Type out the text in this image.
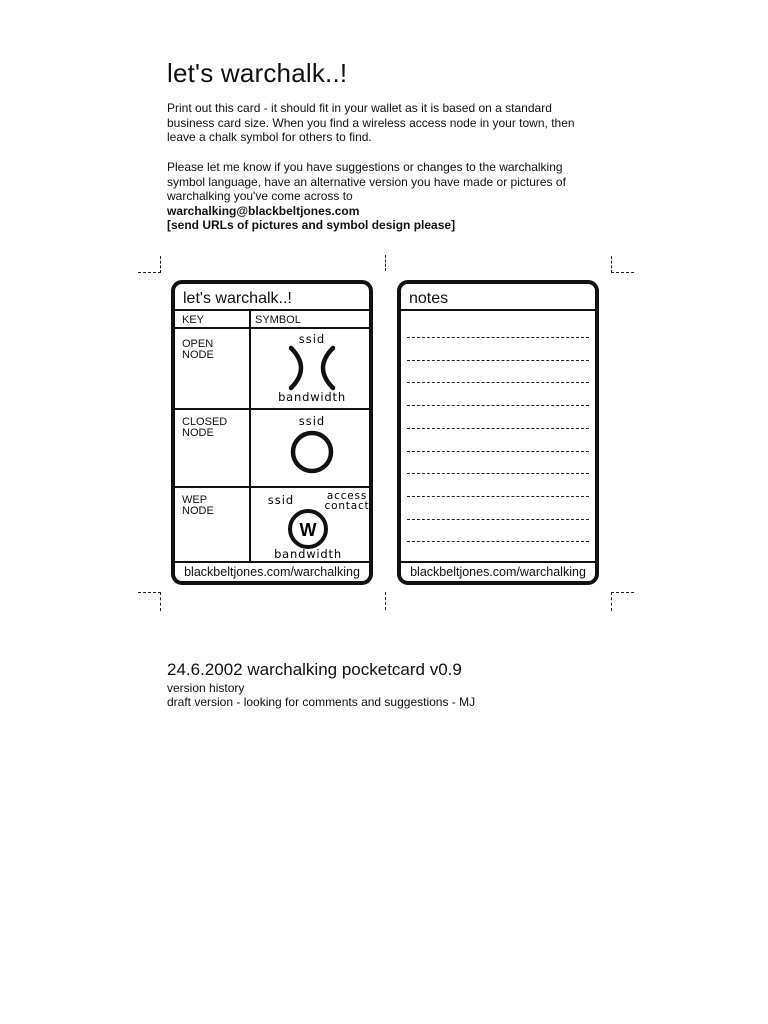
let's warchalk..!

Print out this card - it should fit in your wallet as it is based on a standard business card size. When you find a wireless access node in your town, then leave a chalk symbol for others to find.

Please let me know if you have suggestions or changes to the warchalking symbol language, have an alternative version you have made or pictures of warchalking you've come across to
warchalking@blackbeltjones.com
[send URLs of pictures and symbol design please]

let's warchalk..!
KEY	SYMBOL
OPEN
NODE
ssid
bandwidth
CLOSED
NODE
ssid
WEP
NODE
ssid	access
contact
W
bandwidth
blackbeltjones.com/warchalking
notes
blackbeltjones.com/warchalking
24.6.2002 warchalking pocketcard v0.9

version history

draft version - looking for comments and suggestions - MJ
